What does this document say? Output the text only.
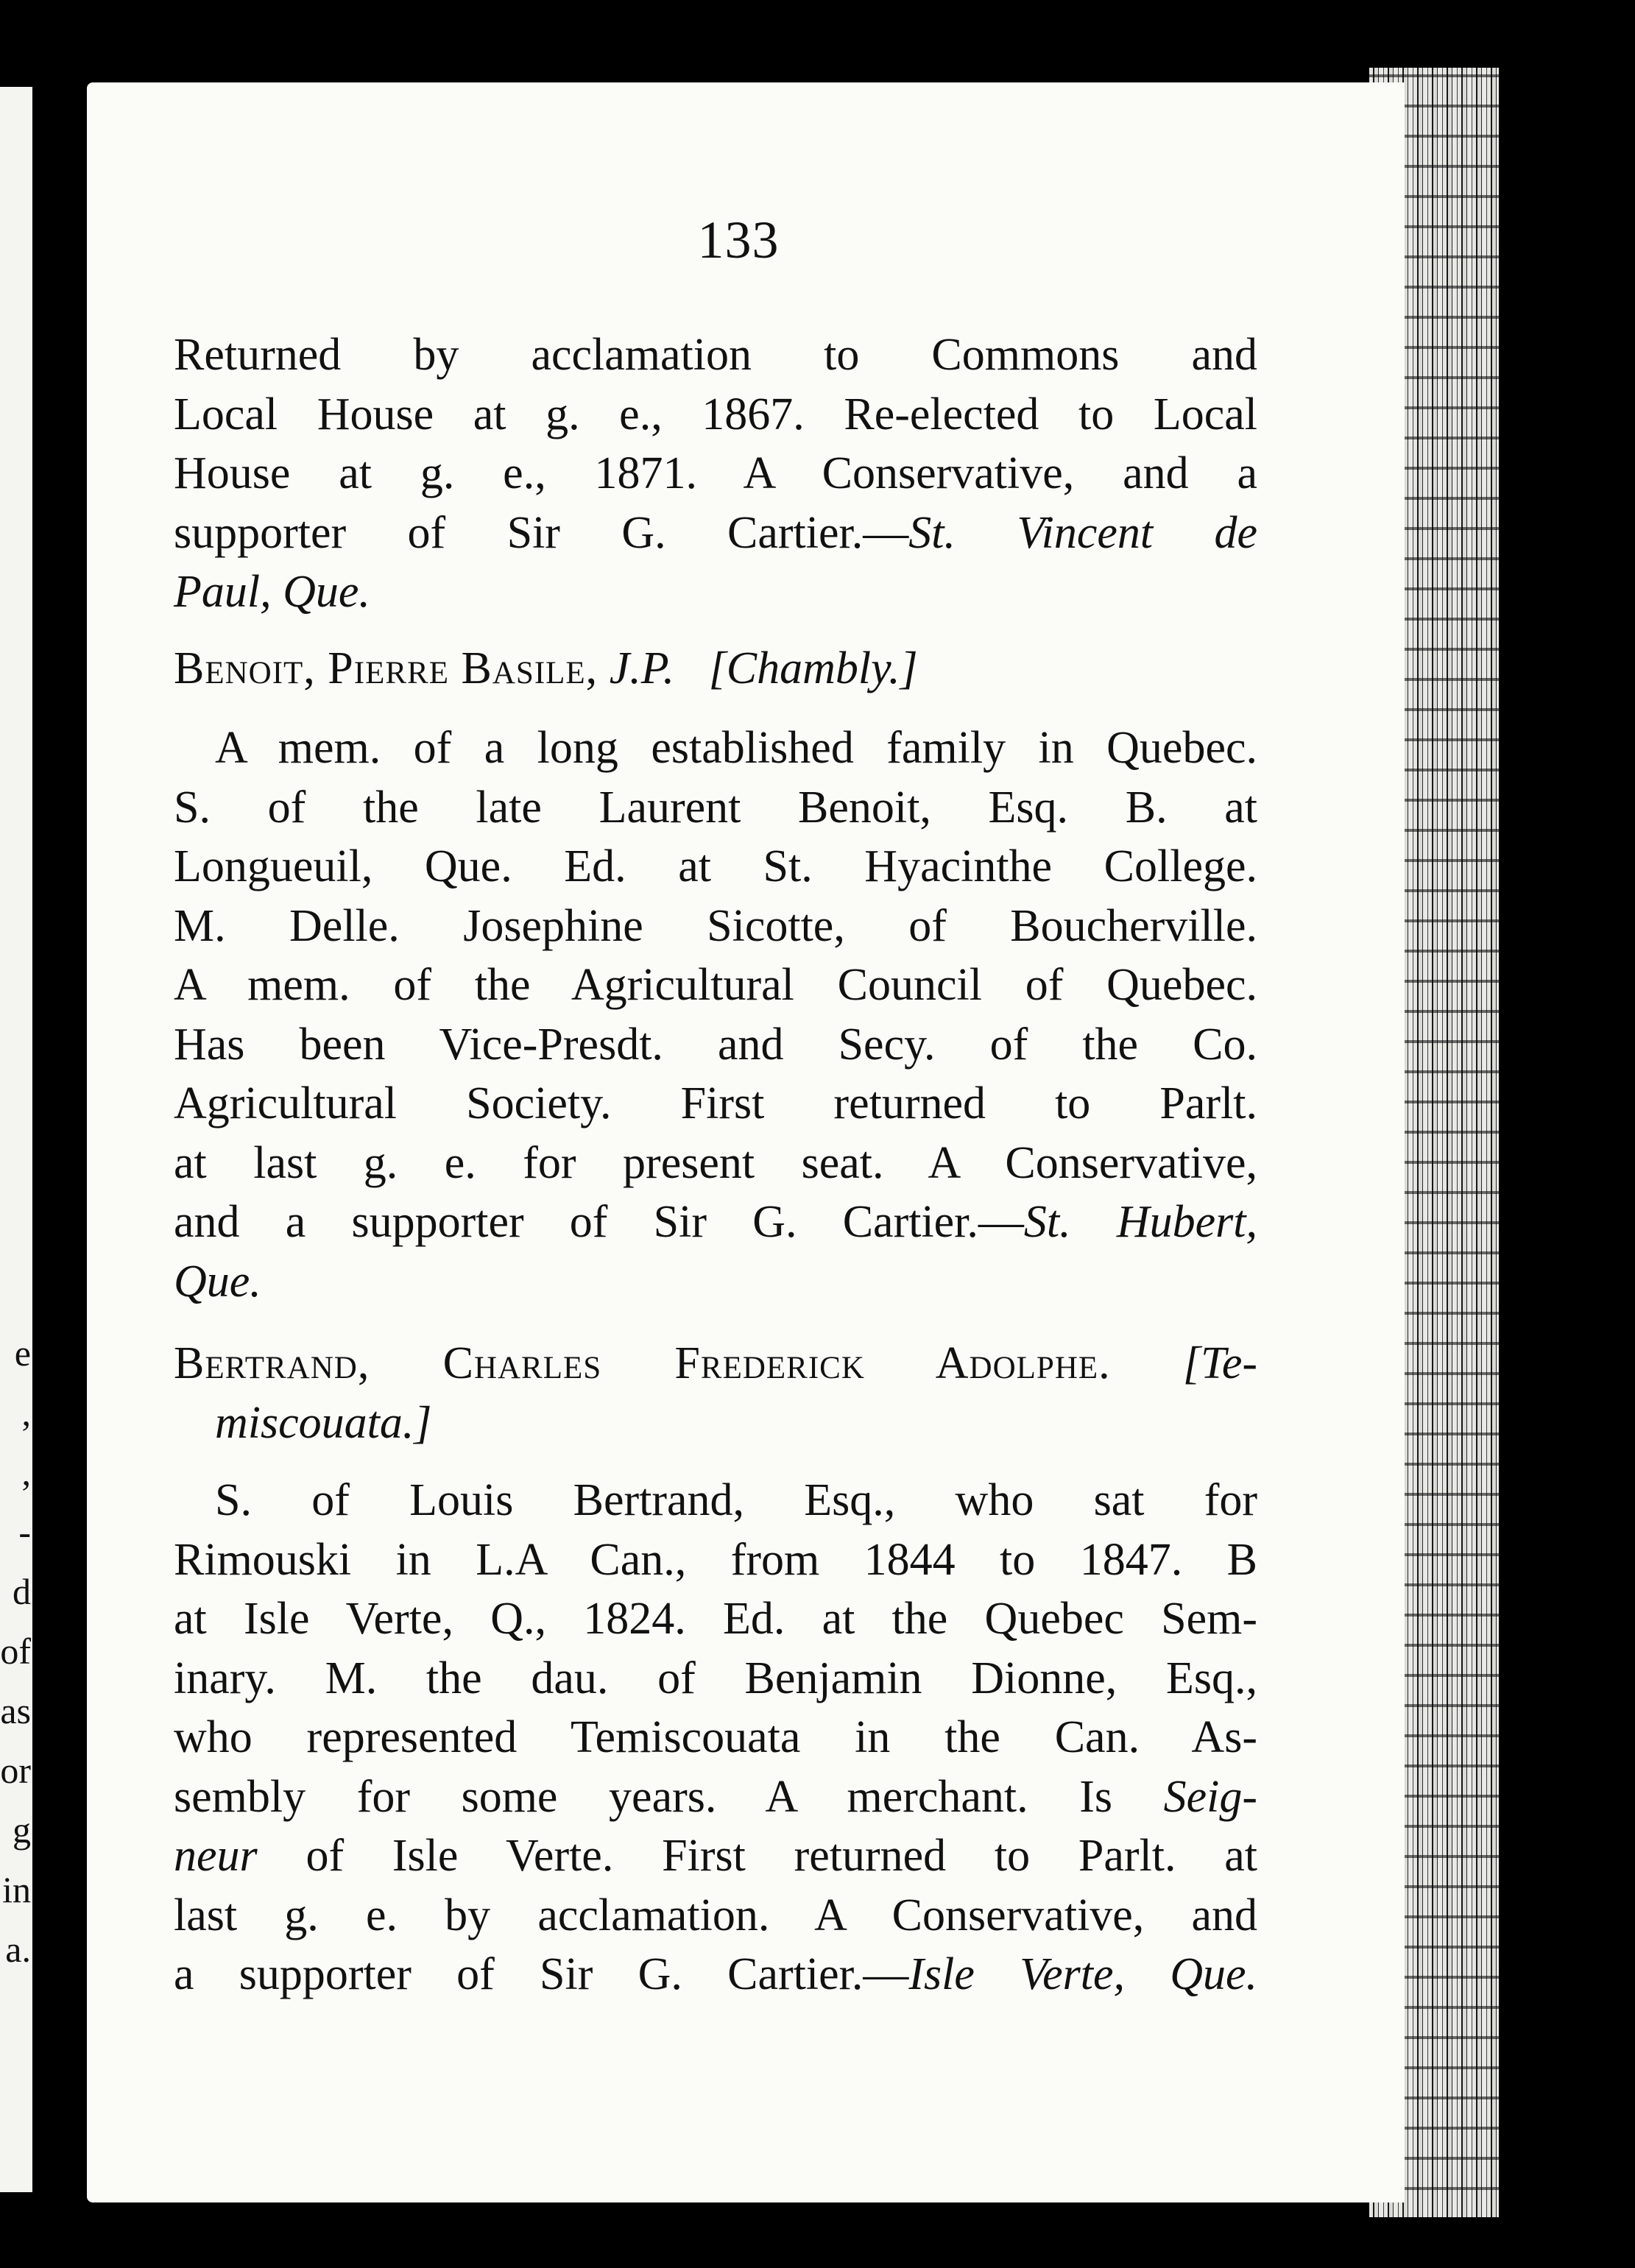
e
,
,
-
d
of
as
or
g
in
a.
133
Returned by acclamation to Commons and
Local House at g. e., 1867. Re-elected to Local
House at g. e., 1871. A Conservative, and a
supporter of Sir G. Cartier.—St. Vincent de
Paul, Que.
Benoit, Pierre Basile, J.P. [Chambly.]
A mem. of a long established family in Quebec.
S. of the late Laurent Benoit, Esq. B. at
Longueuil, Que. Ed. at St. Hyacinthe College.
M. Delle. Josephine Sicotte, of Boucherville.
A mem. of the Agricultural Council of Quebec.
Has been Vice-Presdt. and Secy. of the Co.
Agricultural Society. First returned to Parlt.
at last g. e. for present seat. A Conservative,
and a supporter of Sir G. Cartier.—St. Hubert,
Que.
Bertrand, Charles Frederick Adolphe. [Te-
miscouata.]
S. of Louis Bertrand, Esq., who sat for
Rimouski in L.A Can., from 1844 to 1847. B
at Isle Verte, Q., 1824. Ed. at the Quebec Sem-
inary. M. the dau. of Benjamin Dionne, Esq.,
who represented Temiscouata in the Can. As-
sembly for some years. A merchant. Is Seig-
neur of Isle Verte. First returned to Parlt. at
last g. e. by acclamation. A Conservative, and
a supporter of Sir G. Cartier.—Isle Verte, Que.
